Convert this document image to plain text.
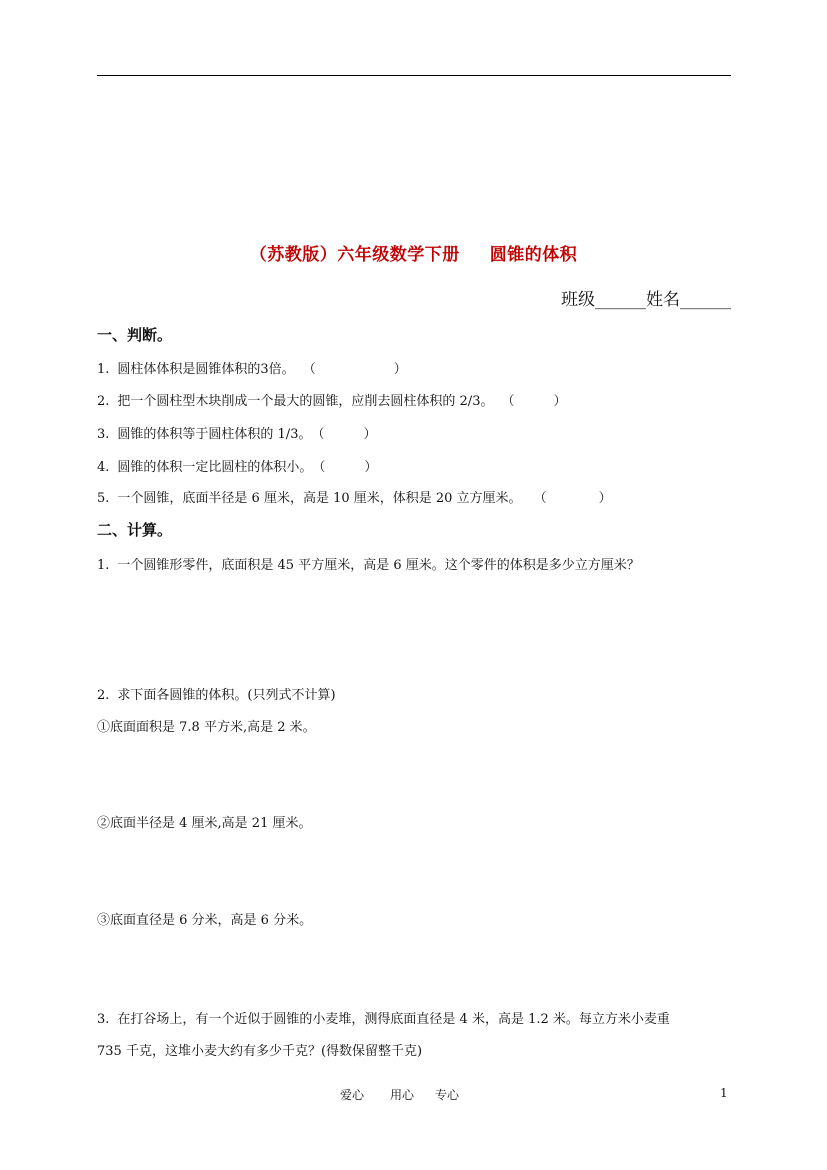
（苏教版）六年级数学下册 圆锥的体积
班级______姓名______
一、判断。
1. 圆柱体体积是圆锥体积的3倍。 （　　　　　　）
2. 把一个圆柱型木块削成一个最大的圆锥，应削去圆柱体积的 2/3。 （　　　）
3. 圆锥的体积等于圆柱体积的 1/3。（　　　）
4. 圆锥的体积一定比圆柱的体积小。（　　　）
5. 一个圆锥，底面半径是 6 厘米，高是 10 厘米，体积是 20 立方厘米。 （　　　　）
二、计算。
1. 一个圆锥形零件，底面积是 45 平方厘米，高是 6 厘米。这个零件的体积是多少立方厘米？
2. 求下面各圆锥的体积。(只列式不计算)
①底面面积是 7.8 平方米,高是 2 米。
②底面半径是 4 厘米,高是 21 厘米。
③底面直径是 6 分米，高是 6 分米。
3. 在打谷场上，有一个近似于圆锥的小麦堆，测得底面直径是 4 米，高是 1.2 米。每立方米小麦重
735 千克，这堆小麦大约有多少千克？(得数保留整千克)
爱心 用心 专心	1
